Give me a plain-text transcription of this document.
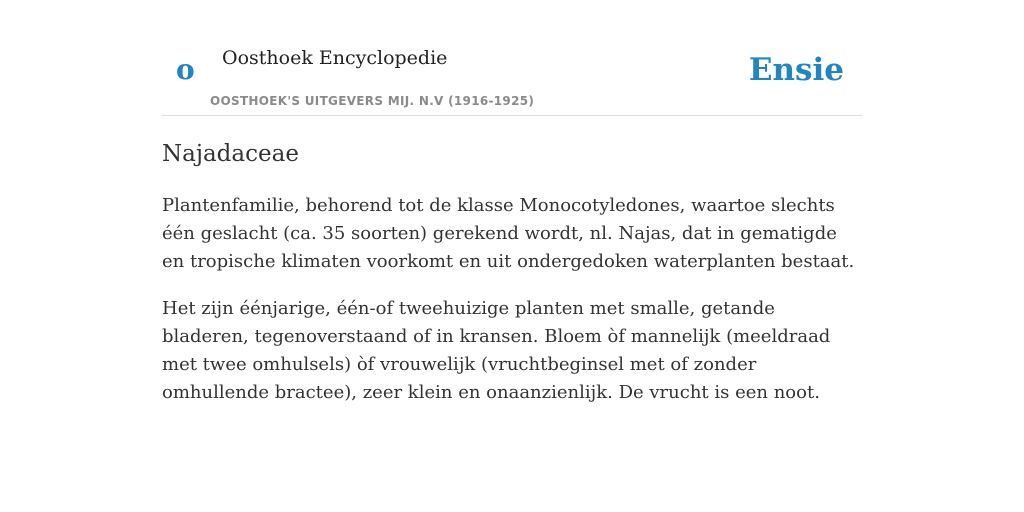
o Oosthoek Encyclopedie
OOSTHOEK'S UITGEVERS MIJ. N.V (1916-1925)
Ensie
Najadaceae

Plantenfamilie, behorend tot de klasse Monocotyledones, waartoe slechts één geslacht (ca. 35 soorten) gerekend wordt, nl. Najas, dat in gematigde en tropische klimaten voorkomt en uit ondergedoken waterplanten bestaat.

Het zijn éénjarige, één-of tweehuizige planten met smalle, getande bladeren, tegenoverstaand of in kransen. Bloem òf mannelijk (meeldraad met twee omhulsels) òf vrouwelijk (vruchtbeginsel met of zonder omhullende bractee), zeer klein en onaanzienlijk. De vrucht is een noot.
